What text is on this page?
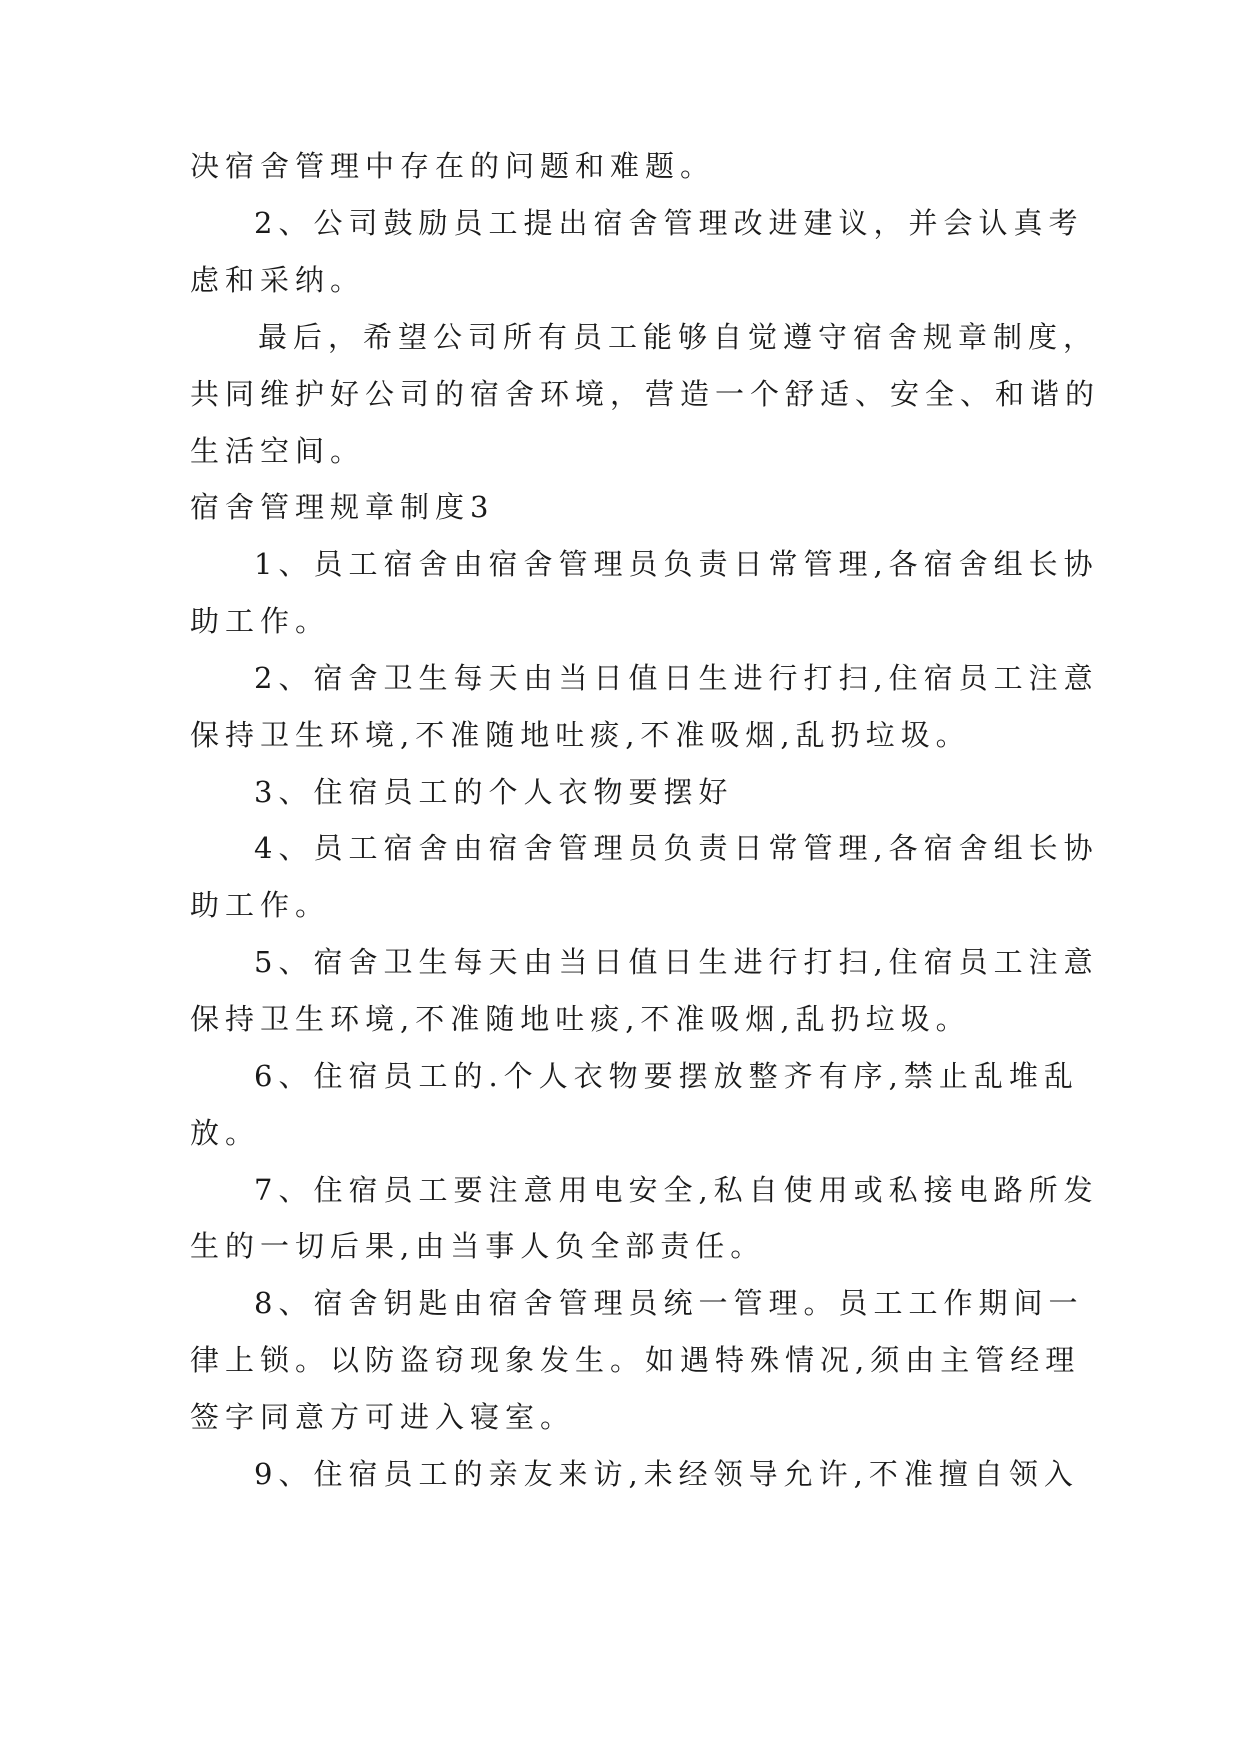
决宿舍管理中存在的问题和难题。
2、公司鼓励员工提出宿舍管理改进建议，并会认真考
虑和采纳。
最后，希望公司所有员工能够自觉遵守宿舍规章制度，
共同维护好公司的宿舍环境，营造一个舒适、安全、和谐的
生活空间。
宿舍管理规章制度3
1、员工宿舍由宿舍管理员负责日常管理,各宿舍组长协
助工作。
2、宿舍卫生每天由当日值日生进行打扫,住宿员工注意
保持卫生环境,不准随地吐痰,不准吸烟,乱扔垃圾。
3、住宿员工的个人衣物要摆好
4、员工宿舍由宿舍管理员负责日常管理,各宿舍组长协
助工作。
5、宿舍卫生每天由当日值日生进行打扫,住宿员工注意
保持卫生环境,不准随地吐痰,不准吸烟,乱扔垃圾。
6、住宿员工的.个人衣物要摆放整齐有序,禁止乱堆乱
放。
7、住宿员工要注意用电安全,私自使用或私接电路所发
生的一切后果,由当事人负全部责任。
8、宿舍钥匙由宿舍管理员统一管理。员工工作期间一
律上锁。以防盗窃现象发生。如遇特殊情况,须由主管经理
签字同意方可进入寝室。
9、住宿员工的亲友来访,未经领导允许,不准擅自领入
